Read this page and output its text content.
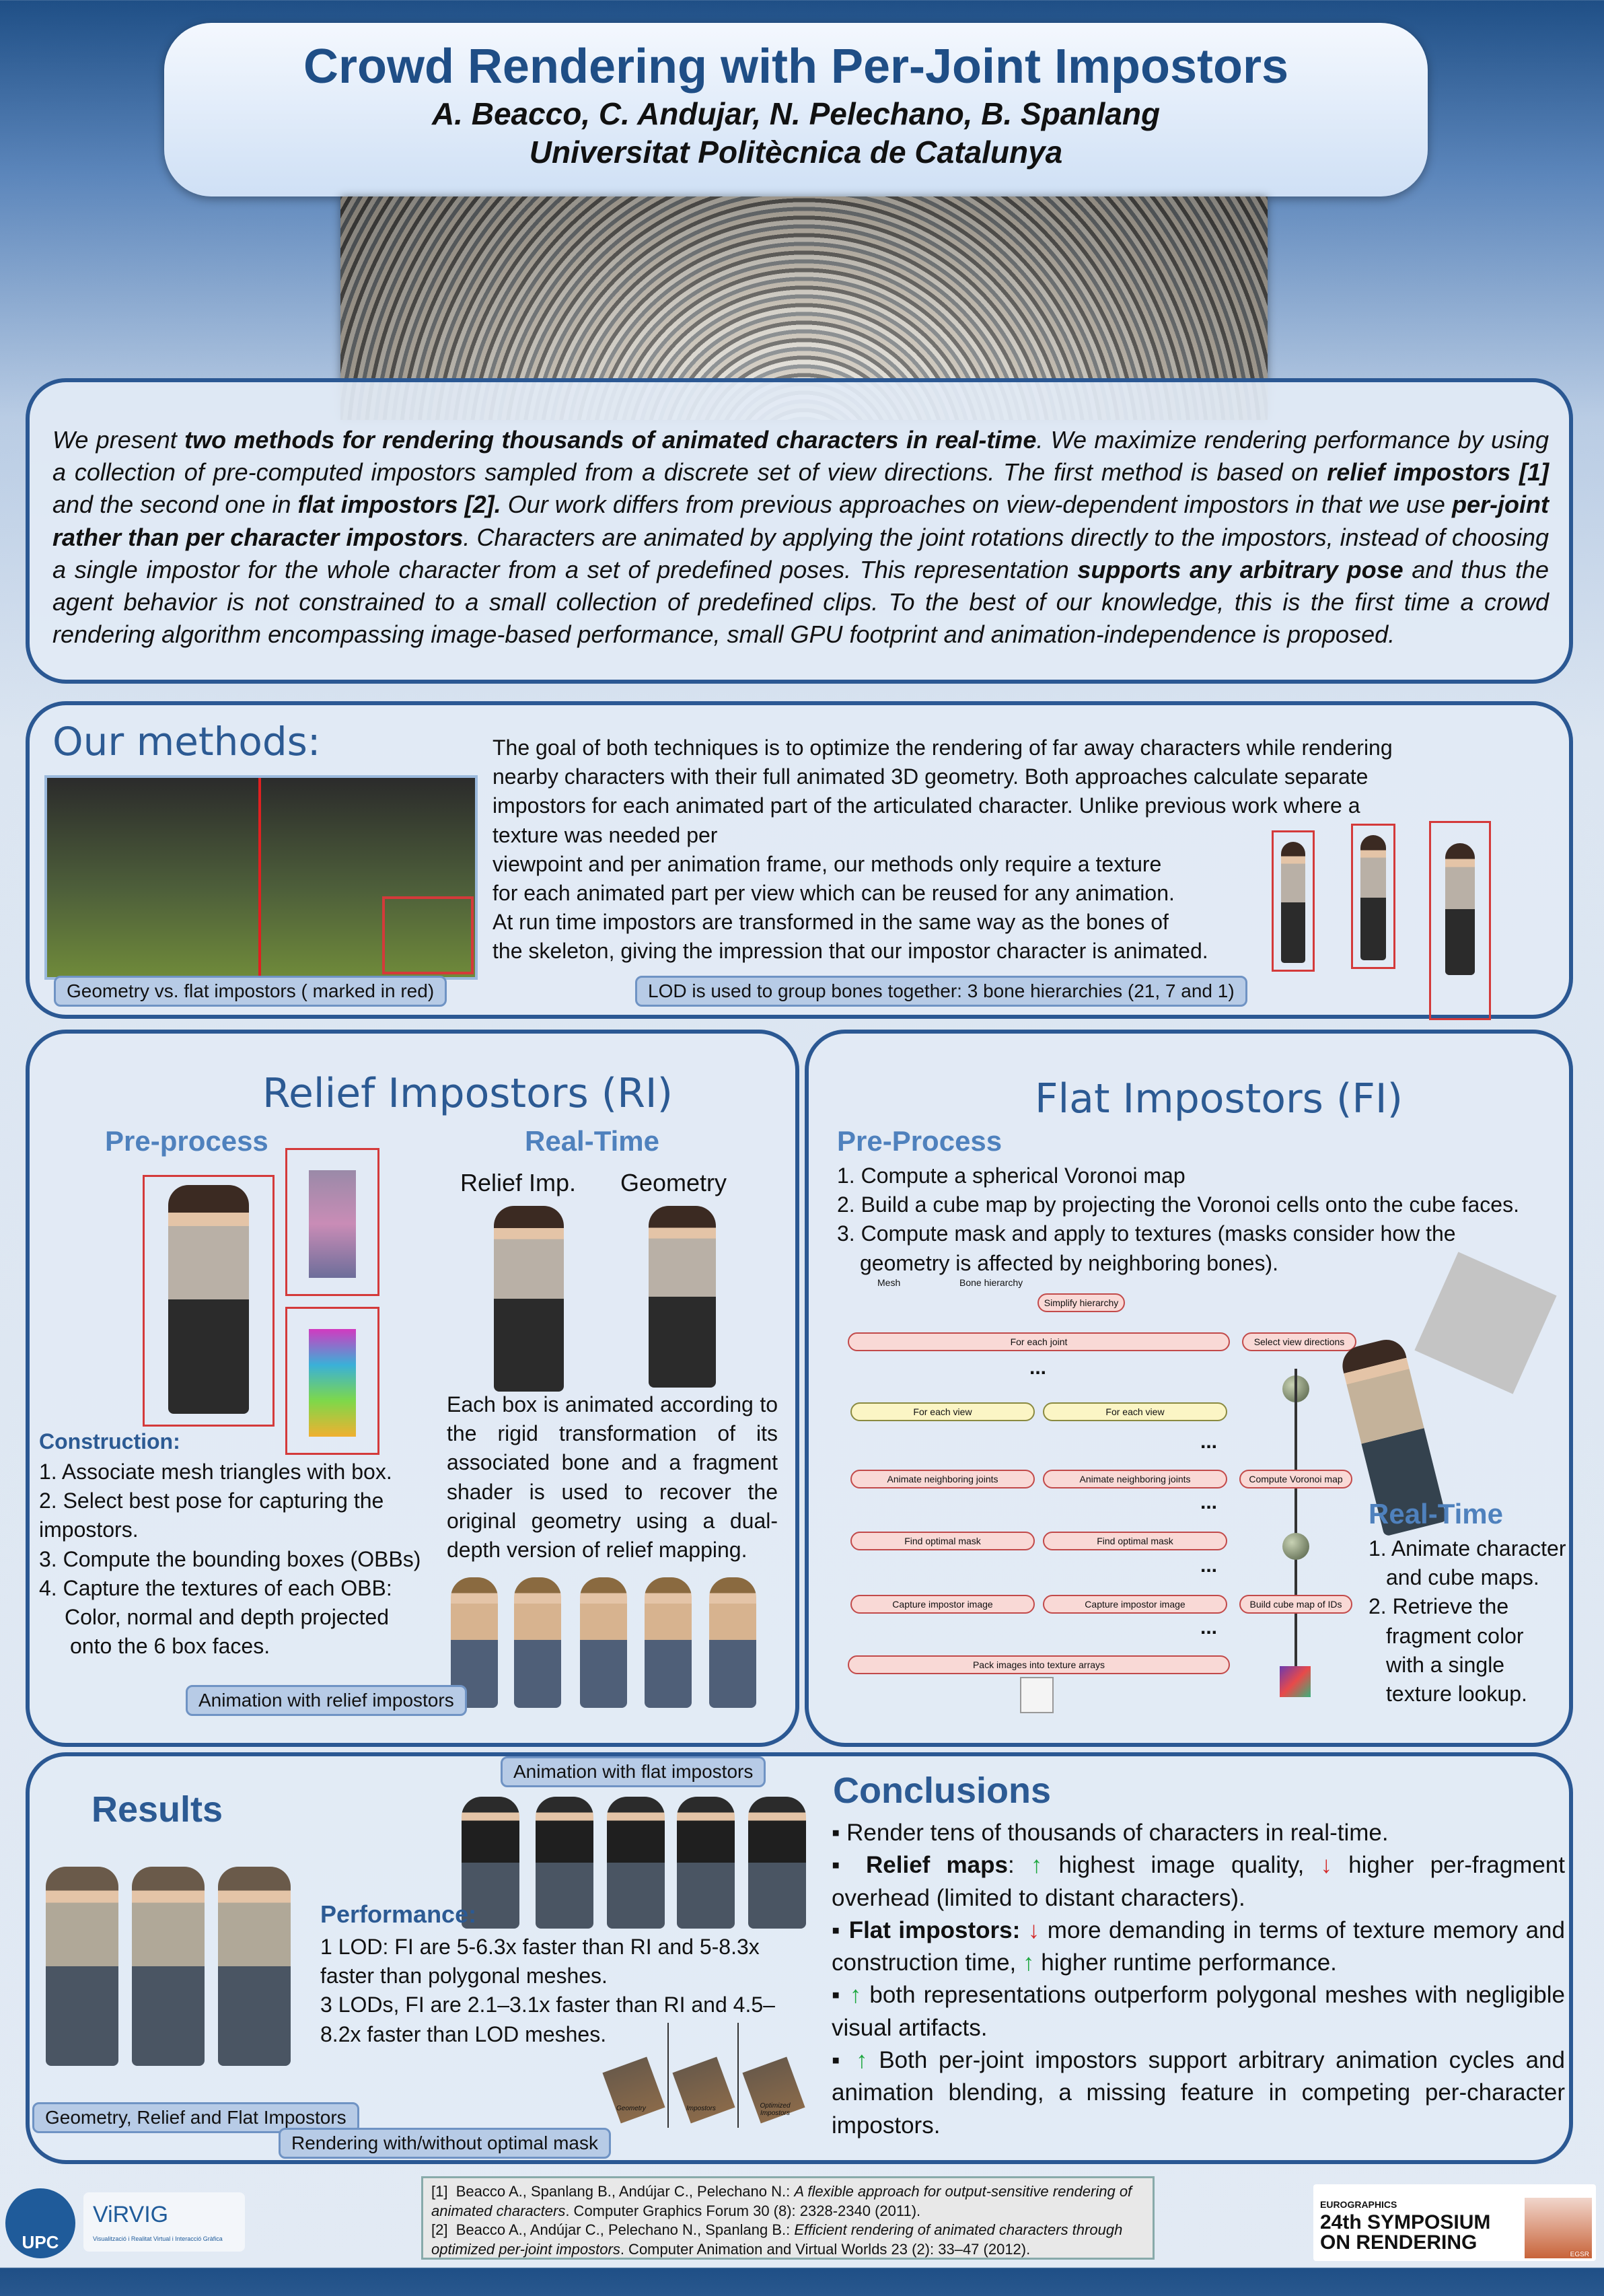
Crowd Rendering with Per-Joint Impostors
A. Beacco, C. Andujar, N. Pelechano, B. Spanlang
Universitat Politècnica de Catalunya
We present two methods for rendering thousands of animated characters in real-time. We maximize rendering performance by using a collection of pre-computed impostors sampled from a discrete set of view directions. The first method is based on relief impostors [1] and the second one in flat impostors [2]. Our work differs from previous approaches on view-dependent impostors in that we use per-joint rather than per character impostors. Characters are animated by applying the joint rotations directly to the impostors, instead of choosing a single impostor for the whole character from a set of predefined poses. This representation supports any arbitrary pose and thus the agent behavior is not constrained to a small collection of predefined clips. To the best of our knowledge, this is the first time a crowd rendering algorithm encompassing image-based performance, small GPU footprint and animation-independence is proposed.
Our methods:
Geometry vs. flat impostors ( marked in red)
The goal of both techniques is to optimize the rendering of far away characters while rendering nearby characters with their full animated 3D geometry. Both approaches calculate separate impostors for each animated part of the articulated character. Unlike previous work where a texture was needed per
viewpoint and per animation frame, our methods only require a texture
for each animated part per view which can be reused for any animation.
At run time impostors are transformed in the same way as the bones of
the skeleton, giving the impression that our impostor character is animated.
LOD is used to group bones together: 3 bone hierarchies (21, 7 and 1)
Relief Impostors (RI)
Pre-process	Real-Time
Relief Imp. Geometry
Construction:
1. Associate mesh triangles with box.
2. Select best pose for capturing the
impostors.
3. Compute the bounding boxes (OBBs)
4. Capture the textures of each OBB:
Color, normal and depth projected
onto the 6 box faces.
Each box is animated according to the rigid transformation of its associated bone and a fragment shader is used to recover the original geometry using a dual-depth version of relief mapping.
Animation with relief impostors
Flat Impostors (FI)
Pre-Process
1. Compute a spherical Voronoi map
2. Build a cube map by projecting the Voronoi cells onto the cube faces.
3. Compute mask and apply to textures (masks consider how the
geometry is affected by neighboring bones).
Mesh	Bone hierarchy
Simplify hierarchy
For each joint	Select view directions
...
For each view	For each view
...
Animate neighboring joints	Animate neighboring joints	Compute Voronoi map
...
Find optimal mask	Find optimal mask
...
Capture impostor image	Capture impostor image	Build cube map of IDs
...
Pack images into texture arrays
Real-Time
1. Animate character
and cube maps.
2. Retrieve the
fragment color
with a single
texture lookup.
Results
Animation with flat impostors
Geometry, Relief and Flat Impostors
Performance:
1 LOD: FI are 5-6.3x faster than RI and 5-8.3x
faster than polygonal meshes.
3 LODs, FI are 2.1–3.1x faster than RI and 4.5–
8.2x faster than LOD meshes.
Geometry	Impostors	Optimized Impostors
Rendering with/without optimal mask
Conclusions

▪ Render tens of thousands of characters in real-time.

▪ Relief maps: ↑ highest image quality, ↓ higher per-fragment overhead (limited to distant characters).

▪ Flat impostors: ↓ more demanding in terms of texture memory and construction time, ↑ higher runtime performance.

▪ ↑ both representations outperform polygonal meshes with negligible visual artifacts.

▪ ↑ Both per-joint impostors support arbitrary animation cycles and animation blending, a missing feature in competing per-character impostors.

UPC
ViRVIG
Visualització i Realitat Virtual i Interacció Gràfica
[1] Beacco A., Spanlang B., Andújar C., Pelechano N.: A flexible approach for output-sensitive rendering of animated characters. Computer Graphics Forum 30 (8): 2328-2340 (2011).
[2] Beacco A., Andújar C., Pelechano N., Spanlang B.: Efficient rendering of animated characters through optimized per-joint impostors. Computer Animation and Virtual Worlds 23 (2): 33–47 (2012).
EUROGRAPHICS
24th SYMPOSIUM
ON RENDERING
EGSR
